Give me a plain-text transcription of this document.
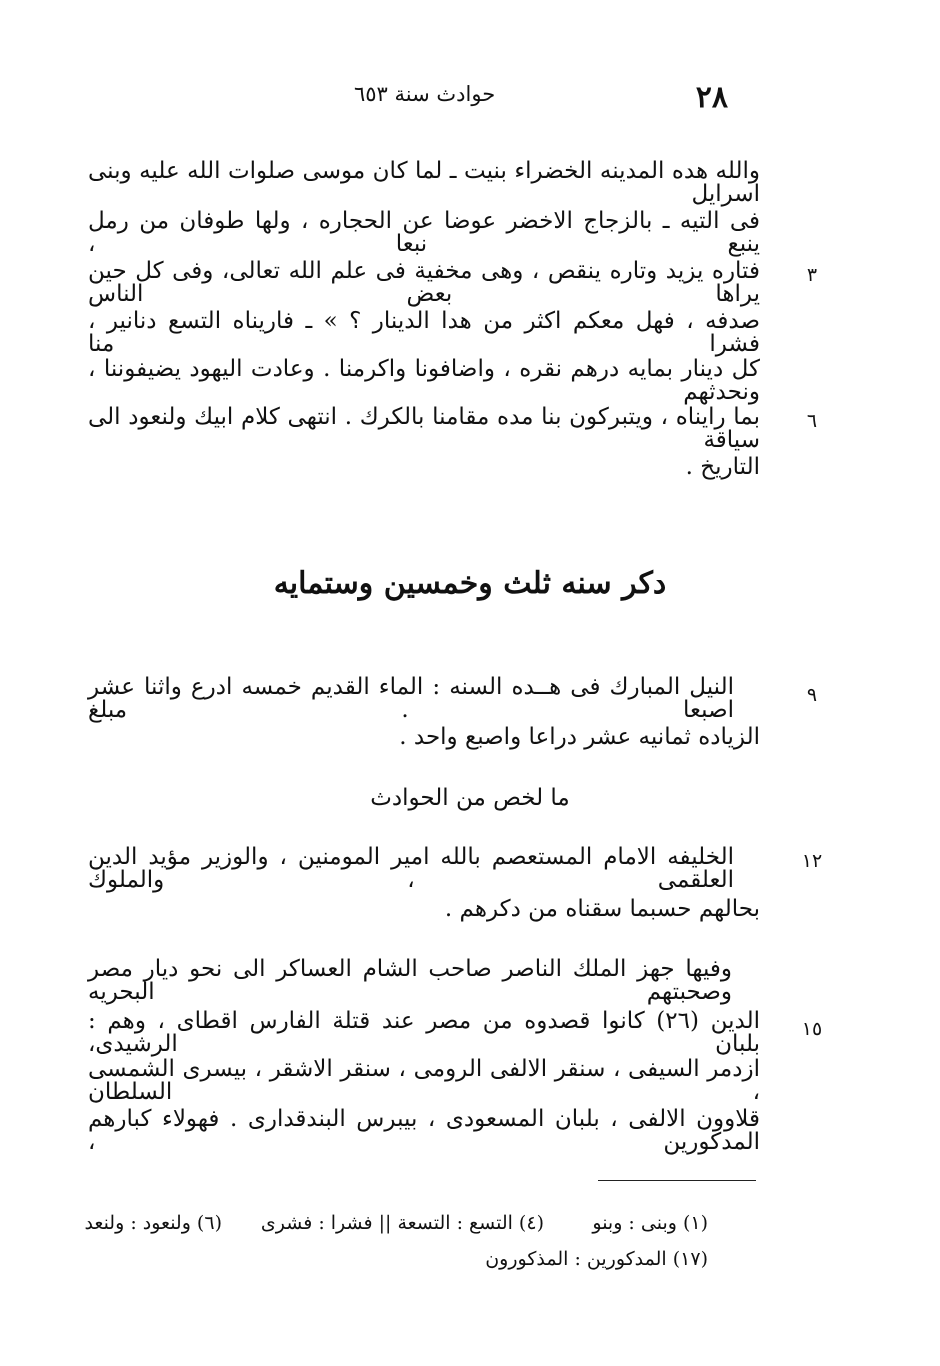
٢٨
حوادث سنة ٦٥٣
والله هده المدينه الخضراء بنيت ـ لما كان موسى صلوات الله عليه وبنى اسرايل
فى التيه ـ بالزجاج الاخضر عوضا عن الحجاره ، ولها طوفان من رمل ينبع نبعا ،
فتاره يزيد وتاره ينقص ، وهى مخفية فى علم الله تعالى، وفى كل حين يراها بعض الناس
٣
صدفه ، فهل معكم اكثر من هدا الدينار ؟ » ـ فاريناه التسع دنانير ، فشرا منا
كل دينار بمايه درهم نقره ، واضافونا واكرمنا . وعادت اليهود يضيفوننا ، ونحدثهم
بما رايناه ، ويتبركون بنا مده مقامنا بالكرك . انتهى كلام ابيك ولنعود الى سياقة
٦
التاريخ .
دكر سنه ثلث وخمسين وستمايه
النيل المبارك فى هــده السنه : الماء القديم خمسه ادرع واثنا عشر اصبعا . مبلغ
٩
الزياده ثمانيه عشر دراعا واصبع واحد .
ما لخص من الحوادث
الخليفه الامام المستعصم بالله امير المومنين ، والوزير مؤيد الدين العلقمى ، والملوك
١٢
بحالهم حسبما سقناه من دكرهم .
وفيها جهز الملك الناصر صاحب الشام العساكر الى نحو ديار مصر وصحبتهم البحريه
الدين (٢٦) كانوا قصدوه من مصر عند قتلة الفارس اقطاى ، وهم : بلبان الرشيدى،
١٥
ازدمر السيفى ، سنقر الالفى الرومى ، سنقر الاشقر ، بيسرى الشمسى ، السلطان
قلاوون الالفى ، بلبان المسعودى ، بيبرس البندقدارى . فهولاء كبارهم المدكورين ،
(١) وبنى : وبنو
(٤) التسع : التسعة || فشرا : فشرى
(٦) ولنعود : ولنعد
(١٧) المدكورين : المذكورون
